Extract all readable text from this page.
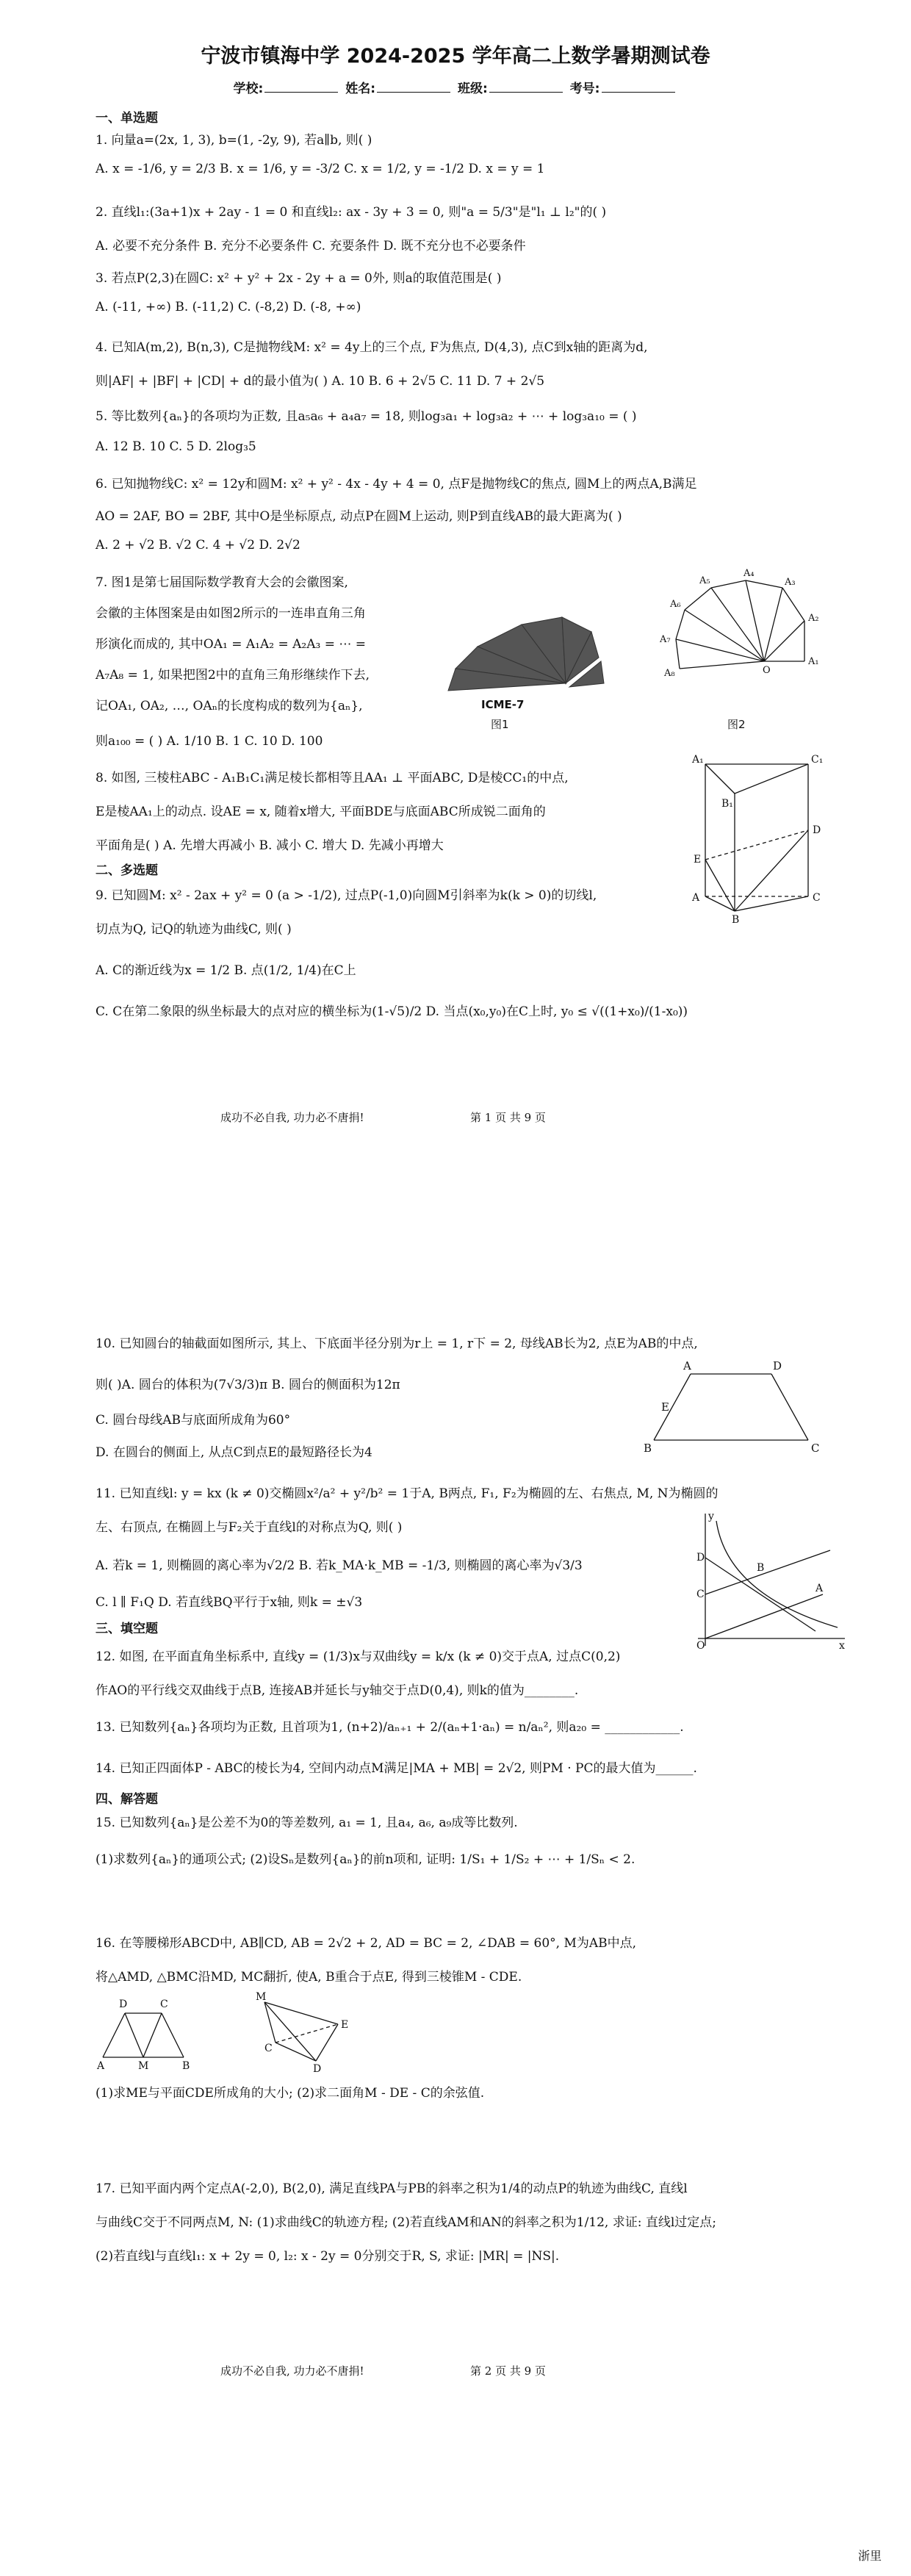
宁波市镇海中学 2024-2025 学年高二上数学暑期测试卷
学校:	姓名:	班级:	考号:
一、单选题
1. 向量a=(2x, 1, 3), b=(1, -2y, 9), 若a∥b, 则( )
A. x = -1/6, y = 2/3 B. x = 1/6, y = -3/2 C. x = 1/2, y = -1/2 D. x = y = 1
2. 直线l₁:(3a+1)x + 2ay - 1 = 0 和直线l₂: ax - 3y + 3 = 0, 则"a = 5/3"是"l₁ ⊥ l₂"的( )
A. 必要不充分条件 B. 充分不必要条件 C. 充要条件 D. 既不充分也不必要条件
3. 若点P(2,3)在圆C: x² + y² + 2x - 2y + a = 0外, 则a的取值范围是( )
A. (-11, +∞) B. (-11,2) C. (-8,2) D. (-8, +∞)
4. 已知A(m,2), B(n,3), C是抛物线M: x² = 4y上的三个点, F为焦点, D(4,3), 点C到x轴的距离为d,
则|AF| + |BF| + |CD| + d的最小值为( ) A. 10 B. 6 + 2√5 C. 11 D. 7 + 2√5
5. 等比数列{aₙ}的各项均为正数, 且a₅a₆ + a₄a₇ = 18, 则log₃a₁ + log₃a₂ + ⋯ + log₃a₁₀ = ( )
A. 12 B. 10 C. 5 D. 2log₃5
6. 已知抛物线C: x² = 12y和圆M: x² + y² - 4x - 4y + 4 = 0, 点F是抛物线C的焦点, 圆M上的两点A,B满足
AO = 2AF, BO = 2BF, 其中O是坐标原点, 动点P在圆M上运动, 则P到直线AB的最大距离为( )
A. 2 + √2 B. √2 C. 4 + √2 D. 2√2
7. 图1是第七届国际数学教育大会的会徽图案,
会徽的主体图案是由如图2所示的一连串直角三角
形演化而成的, 其中OA₁ = A₁A₂ = A₂A₃ = ⋯ =
A₇A₈ = 1, 如果把图2中的直角三角形继续作下去,
记OA₁, OA₂, …, OAₙ的长度构成的数列为{aₙ},
则a₁₀₀ = ( ) A. 1/10 B. 1 C. 10 D. 100
ICME-7
图1
O
A₁
A₂
A₃
A₄
A₅
A₆
A₇
A₈
图2
8. 如图, 三棱柱ABC - A₁B₁C₁满足棱长都相等且AA₁ ⊥ 平面ABC, D是棱CC₁的中点,
E是棱AA₁上的动点. 设AE = x, 随着x增大, 平面BDE与底面ABC所成锐二面角的
平面角是( ) A. 先增大再减小 B. 减小 C. 增大 D. 先减小再增大
二、多选题
9. 已知圆M: x² - 2ax + y² = 0 (a > -1/2), 过点P(-1,0)向圆M引斜率为k(k > 0)的切线l,
切点为Q, 记Q的轨迹为曲线C, 则( )
A. C的渐近线为x = 1/2 B. 点(1/2, 1/4)在C上
C. C在第二象限的纵坐标最大的点对应的横坐标为(1-√5)/2 D. 当点(x₀,y₀)在C上时, y₀ ≤ √((1+x₀)/(1-x₀))
A₁	C₁
B₁
E
D
A	C
B
成功不必自我, 功力必不唐捐!	第 1 页 共 9 页
10. 已知圆台的轴截面如图所示, 其上、下底面半径分别为r上 = 1, r下 = 2, 母线AB长为2, 点E为AB的中点,
则( )A. 圆台的体积为(7√3/3)π B. 圆台的侧面积为12π
C. 圆台母线AB与底面所成角为60°
D. 在圆台的侧面上, 从点C到点E的最短路径长为4
A	D
E
B	C
11. 已知直线l: y = kx (k ≠ 0)交椭圆x²/a² + y²/b² = 1于A, B两点, F₁, F₂为椭圆的左、右焦点, M, N为椭圆的
左、右顶点, 在椭圆上与F₂关于直线l的对称点为Q, 则( )
A. 若k = 1, 则椭圆的离心率为√2/2 B. 若k_MA·k_MB = -1/3, 则椭圆的离心率为√3/3
C. l ∥ F₁Q D. 若直线BQ平行于x轴, 则k = ±√3
D
C
O
B
A
x
y
三、填空题
12. 如图, 在平面直角坐标系中, 直线y = (1/3)x与双曲线y = k/x (k ≠ 0)交于点A, 过点C(0,2)
作AO的平行线交双曲线于点B, 连接AB并延长与y轴交于点D(0,4), 则k的值为________.
13. 已知数列{aₙ}各项均为正数, 且首项为1, (n+2)/aₙ₊₁ + 2/(aₙ+1·aₙ) = n/aₙ², 则a₂₀ = ____________.
14. 已知正四面体P - ABC的棱长为4, 空间内动点M满足|MA + MB| = 2√2, 则PM · PC的最大值为______.
四、解答题
15. 已知数列{aₙ}是公差不为0的等差数列, a₁ = 1, 且a₄, a₆, a₉成等比数列.
(1)求数列{aₙ}的通项公式; (2)设Sₙ是数列{aₙ}的前n项和, 证明: 1/S₁ + 1/S₂ + ⋯ + 1/Sₙ < 2.
16. 在等腰梯形ABCD中, AB∥CD, AB = 2√2 + 2, AD = BC = 2, ∠DAB = 60°, M为AB中点,
将△AMD, △BMC沿MD, MC翻折, 使A, B重合于点E, 得到三棱锥M - CDE.
D	C
A	M	B
M
C
E
D
(1)求ME与平面CDE所成角的大小; (2)求二面角M - DE - C的余弦值.
17. 已知平面内两个定点A(-2,0), B(2,0), 满足直线PA与PB的斜率之积为1/4的动点P的轨迹为曲线C, 直线l
与曲线C交于不同两点M, N: (1)求曲线C的轨迹方程; (2)若直线AM和AN的斜率之积为1/12, 求证: 直线l过定点;
(2)若直线l与直线l₁: x + 2y = 0, l₂: x - 2y = 0分别交于R, S, 求证: |MR| = |NS|.
成功不必自我, 功力必不唐捐!	第 2 页 共 9 页
浙里
